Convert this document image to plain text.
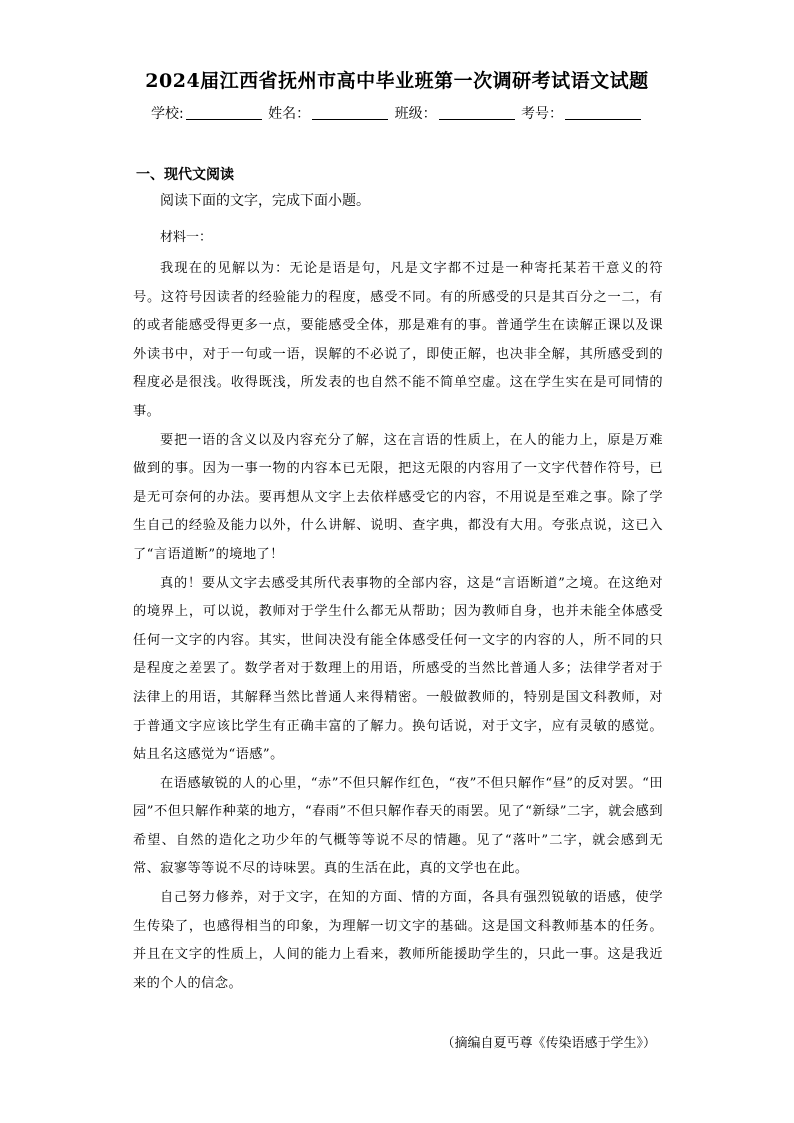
2024届江西省抚州市高中毕业班第一次调研考试语文试题
学校:	姓名：	班级：	考号：
一、现代文阅读
阅读下面的文字，完成下面小题。
材料一：

我现在的见解以为：无论是语是句，凡是文字都不过是一种寄托某若干意义的符号。这符号因读者的经验能力的程度，感受不同。有的所感受的只是其百分之一二，有的或者能感受得更多一点，要能感受全体，那是难有的事。普通学生在读解正课以及课外读书中，对于一句或一语，误解的不必说了，即使正解，也决非全解，其所感受到的程度必是很浅。收得既浅，所发表的也自然不能不简单空虚。这在学生实在是可同情的事。

要把一语的含义以及内容充分了解，这在言语的性质上，在人的能力上，原是万难做到的事。因为一事一物的内容本已无限，把这无限的内容用了一文字代替作符号，已是无可奈何的办法。要再想从文字上去依样感受它的内容，不用说是至难之事。除了学生自己的经验及能力以外，什么讲解、说明、查字典，都没有大用。夸张点说，这已入了“言语道断”的境地了！

真的！要从文字去感受其所代表事物的全部内容，这是“言语断道”之境。在这绝对的境界上，可以说，教师对于学生什么都无从帮助；因为教师自身，也并未能全体感受任何一文字的内容。其实，世间决没有能全体感受任何一文字的内容的人，所不同的只是程度之差罢了。数学者对于数理上的用语，所感受的当然比普通人多；法律学者对于法律上的用语，其解释当然比普通人来得精密。一般做教师的，特别是国文科教师，对于普通文字应该比学生有正确丰富的了解力。换句话说，对于文字，应有灵敏的感觉。姑且名这感觉为“语感”。

在语感敏锐的人的心里，“赤”不但只解作红色，“夜”不但只解作“昼”的反对罢。“田园”不但只解作种菜的地方，“春雨”不但只解作春天的雨罢。见了“新绿”二字，就会感到希望、自然的造化之功少年的气概等等说不尽的情趣。见了“落叶”二字，就会感到无常、寂寥等等说不尽的诗味罢。真的生活在此，真的文学也在此。

自己努力修养，对于文字，在知的方面、情的方面，各具有强烈锐敏的语感，使学生传染了，也感得相当的印象，为理解一切文字的基础。这是国文科教师基本的任务。并且在文字的性质上，人间的能力上看来，教师所能援助学生的，只此一事。这是我近来的个人的信念。

（摘编自夏丐尊《传染语感于学生》）
